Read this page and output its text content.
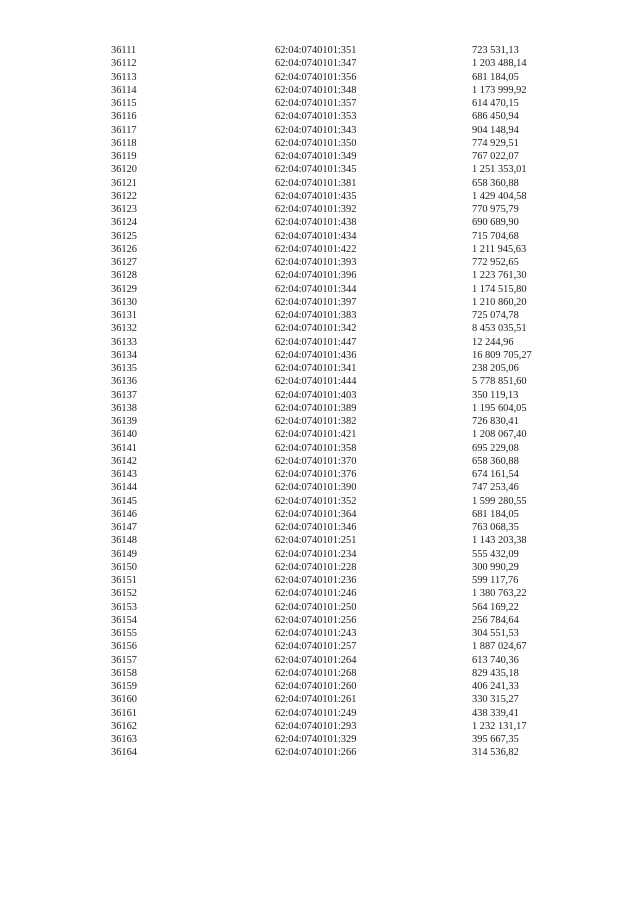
36111	62:04:0740101:351	723 531,13
36112	62:04:0740101:347	1 203 488,14
36113	62:04:0740101:356	681 184,05
36114	62:04:0740101:348	1 173 999,92
36115	62:04:0740101:357	614 470,15
36116	62:04:0740101:353	686 450,94
36117	62:04:0740101:343	904 148,94
36118	62:04:0740101:350	774 929,51
36119	62:04:0740101:349	767 022,07
36120	62:04:0740101:345	1 251 353,01
36121	62:04:0740101:381	658 360,88
36122	62:04:0740101:435	1 429 404,58
36123	62:04:0740101:392	770 975,79
36124	62:04:0740101:438	690 689,90
36125	62:04:0740101:434	715 704,68
36126	62:04:0740101:422	1 211 945,63
36127	62:04:0740101:393	772 952,65
36128	62:04:0740101:396	1 223 761,30
36129	62:04:0740101:344	1 174 515,80
36130	62:04:0740101:397	1 210 860,20
36131	62:04:0740101:383	725 074,78
36132	62:04:0740101:342	8 453 035,51
36133	62:04:0740101:447	12 244,96
36134	62:04:0740101:436	16 809 705,27
36135	62:04:0740101:341	238 205,06
36136	62:04:0740101:444	5 778 851,60
36137	62:04:0740101:403	350 119,13
36138	62:04:0740101:389	1 195 604,05
36139	62:04:0740101:382	726 830,41
36140	62:04:0740101:421	1 208 067,40
36141	62:04:0740101:358	695 229,08
36142	62:04:0740101:370	658 360,88
36143	62:04:0740101:376	674 161,54
36144	62:04:0740101:390	747 253,46
36145	62:04:0740101:352	1 599 280,55
36146	62:04:0740101:364	681 184,05
36147	62:04:0740101:346	763 068,35
36148	62:04:0740101:251	1 143 203,38
36149	62:04:0740101:234	555 432,09
36150	62:04:0740101:228	300 990,29
36151	62:04:0740101:236	599 117,76
36152	62:04:0740101:246	1 380 763,22
36153	62:04:0740101:250	564 169,22
36154	62:04:0740101:256	256 784,64
36155	62:04:0740101:243	304 551,53
36156	62:04:0740101:257	1 887 024,67
36157	62:04:0740101:264	613 740,36
36158	62:04:0740101:268	829 435,18
36159	62:04:0740101:260	406 241,33
36160	62:04:0740101:261	330 315,27
36161	62:04:0740101:249	438 339,41
36162	62:04:0740101:293	1 232 131,17
36163	62:04:0740101:329	395 667,35
36164	62:04:0740101:266	314 536,82
